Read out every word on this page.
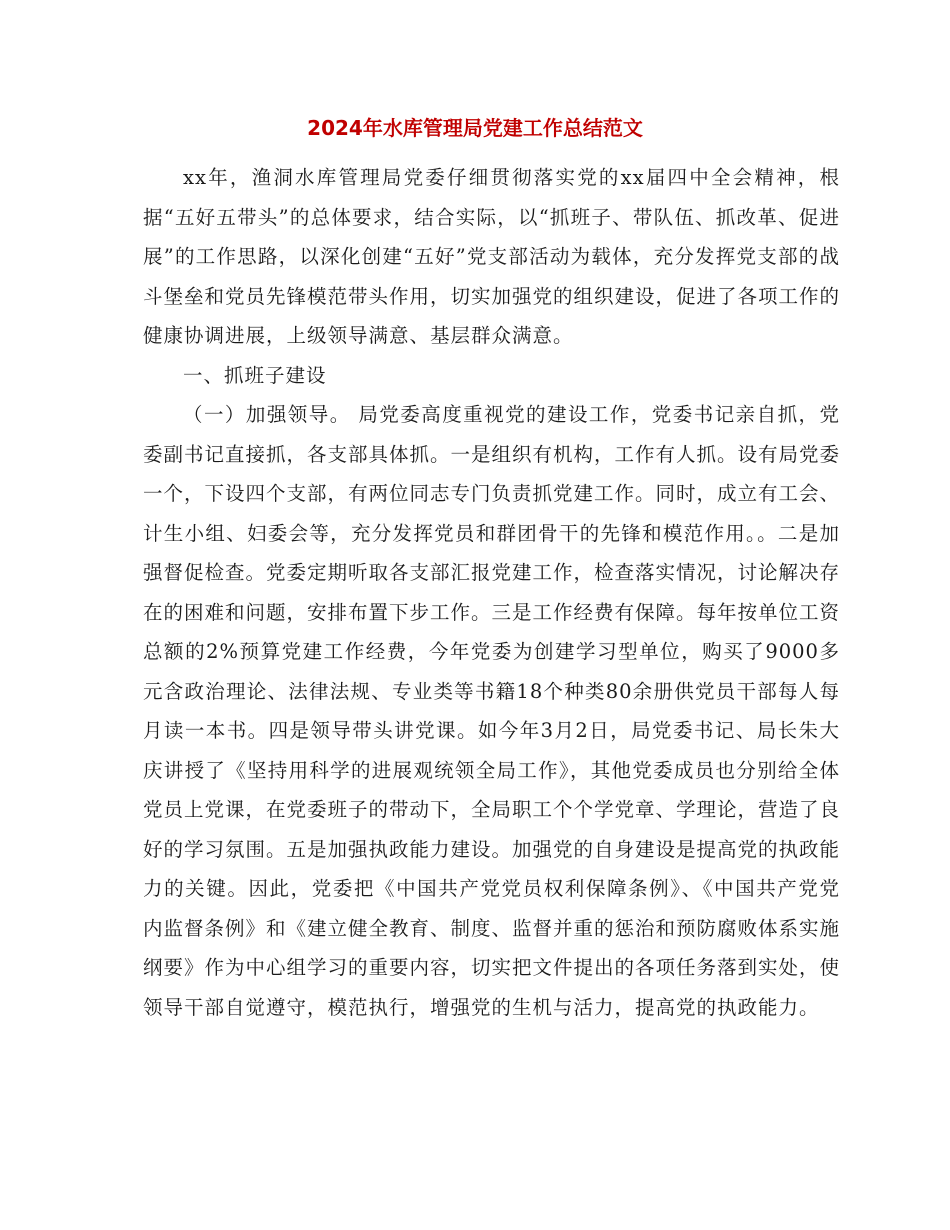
2024年水库管理局党建工作总结范文

xx年，渔洞水库管理局党委仔细贯彻落实党的xx届四中全会精神，根据“五好五带头”的总体要求，结合实际，以“抓班子、带队伍、抓改革、促进展”的工作思路，以深化创建“五好”党支部活动为载体，充分发挥党支部的战斗堡垒和党员先锋模范带头作用，切实加强党的组织建设，促进了各项工作的健康协调进展，上级领导满意、基层群众满意。

一、抓班子建设

（一）加强领导。 局党委高度重视党的建设工作，党委书记亲自抓，党委副书记直接抓，各支部具体抓。一是组织有机构，工作有人抓。设有局党委一个，下设四个支部，有两位同志专门负责抓党建工作。同时，成立有工会、计生小组、妇委会等，充分发挥党员和群团骨干的先锋和模范作用。。二是加强督促检查。党委定期听取各支部汇报党建工作，检查落实情况，讨论解决存在的困难和问题，安排布置下步工作。三是工作经费有保障。每年按单位工资总额的2%预算党建工作经费，今年党委为创建学习型单位，购买了9000多元含政治理论、法律法规、专业类等书籍18个种类80余册供党员干部每人每月读一本书。四是领导带头讲党课。如今年3月2日，局党委书记、局长朱大庆讲授了《坚持用科学的进展观统领全局工作》，其他党委成员也分别给全体党员上党课，在党委班子的带动下，全局职工个个学党章、学理论，营造了良好的学习氛围。五是加强执政能力建设。加强党的自身建设是提高党的执政能力的关键。因此，党委把《中国共产党党员权利保障条例》、《中国共产党党内监督条例》和《建立健全教育、制度、监督并重的惩治和预防腐败体系实施纲要》作为中心组学习的重要内容，切实把文件提出的各项任务落到实处，使领导干部自觉遵守，模范执行，增强党的生机与活力，提高党的执政能力。
